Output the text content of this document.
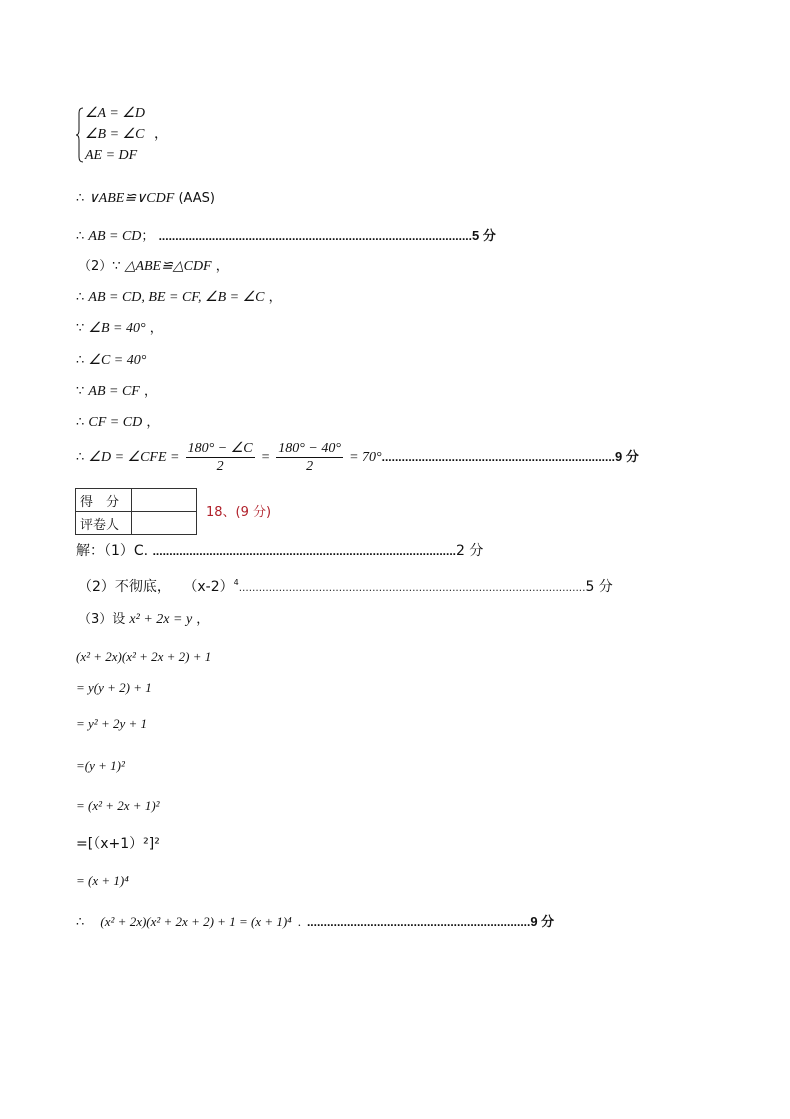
∠A = ∠D
∠B = ∠C ，
AE = DF
∴ ∨ABE≌∨CDF (AAS)
∴ AB = CD； ..............................................................................................5 分
（2）∵ △ABE≌△CDF ，
∴ AB = CD, BE = CF, ∠B = ∠C ，
∵ ∠B = 40° ，
∴ ∠C = 40°
∵ AB = CF ，
∴ CF = CD ，
∴ ∠D = ∠CFE = $\frac{180^\circ - \angle C}{2} = \frac{180^\circ - 40^\circ}{2} = 70^\circ......................................................................9$ 分
得　分	
评卷人	
18、(9 分)
解：（1）C. ...........................................................................................2 分
（2）不彻底， $(x-2)^4........................................................................................................5$ 分
（3）设 x² + 2x = y ，
(x² + 2x)(x² + 2x + 2) + 1
= y(y + 2) + 1
= y² + 2y + 1
=(y + 1)²
= (x² + 2x + 1)²
=[（x+1）²]²
= (x + 1)⁴
∴ (x² + 2x)(x² + 2x + 2) + 1 = (x + 1)⁴ . ...................................................................9 分
